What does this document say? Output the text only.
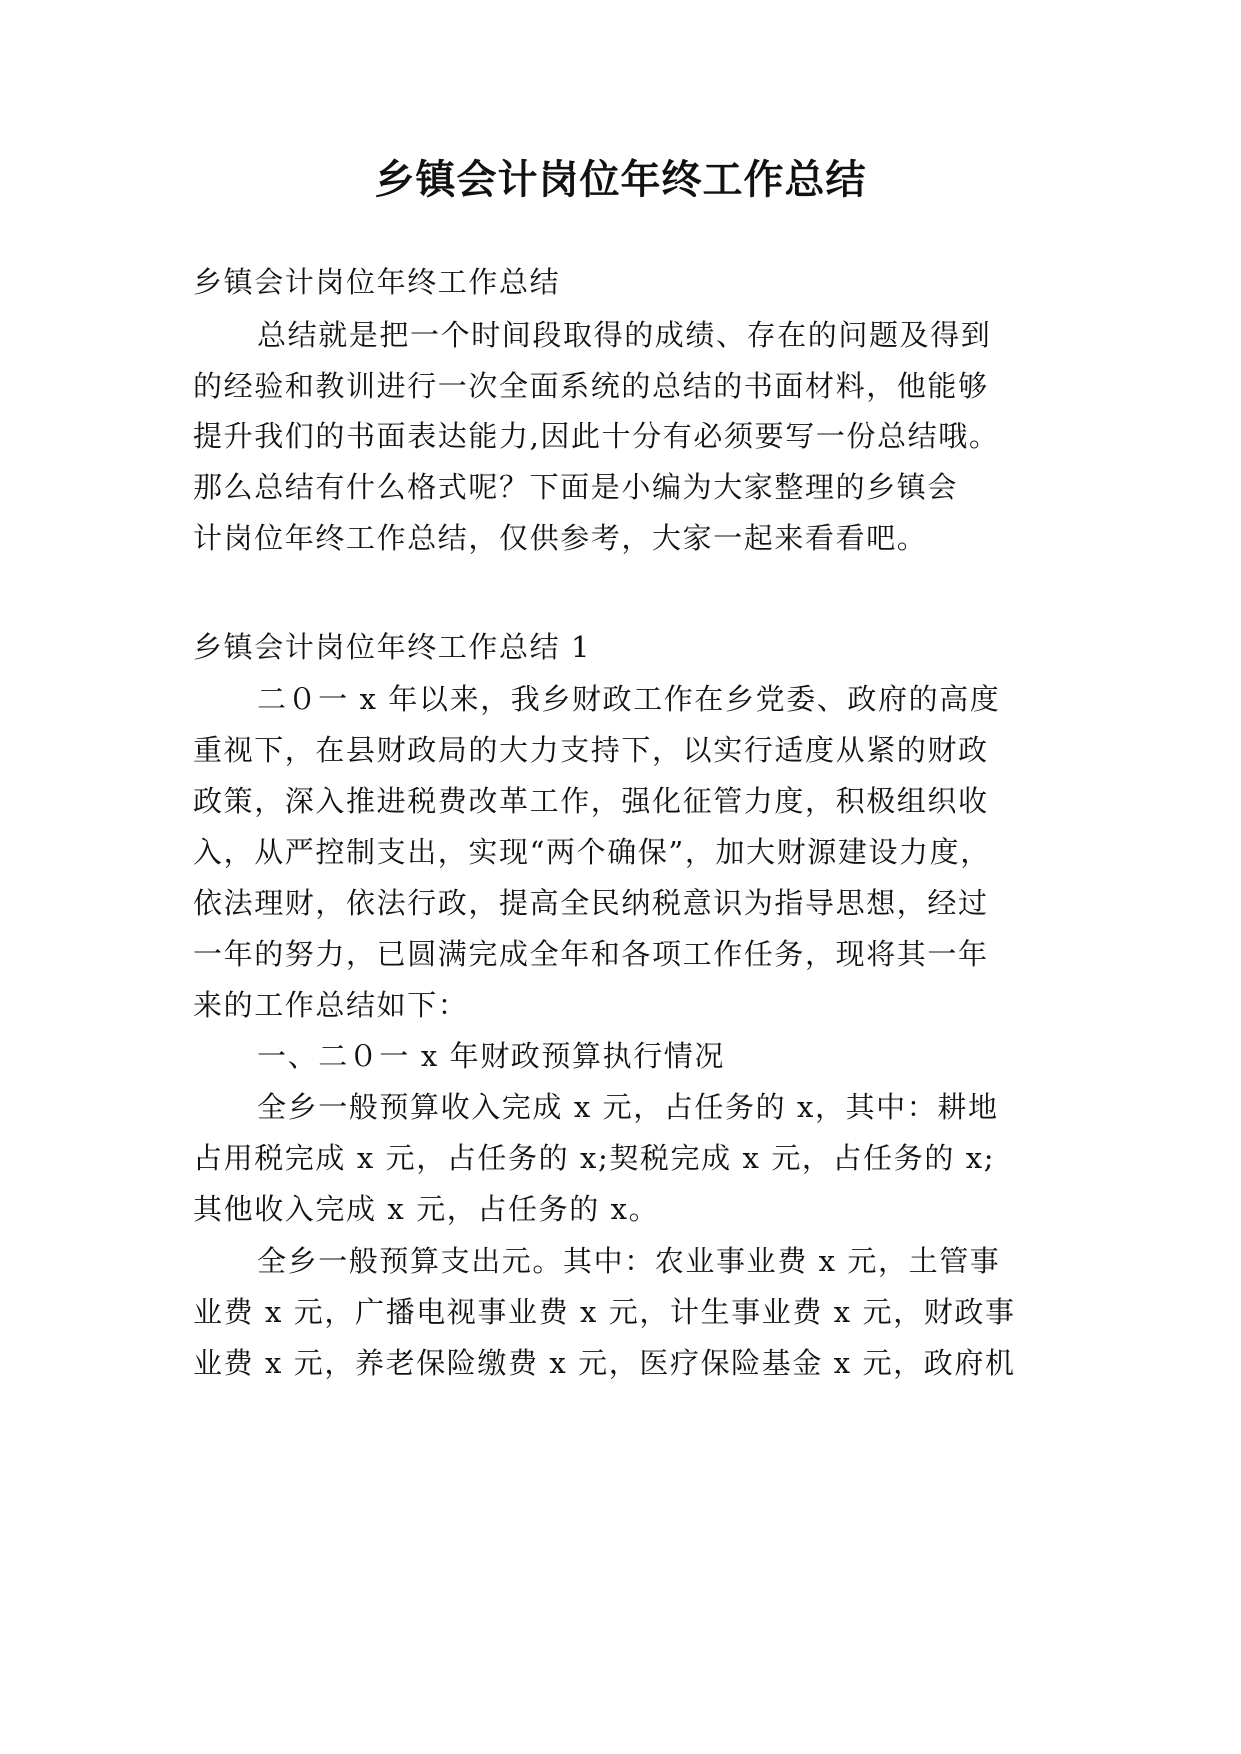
乡镇会计岗位年终工作总结

乡镇会计岗位年终工作总结

总结就是把一个时间段取得的成绩、存在的问题及得到

的经验和教训进行一次全面系统的总结的书面材料，他能够

提升我们的书面表达能力,因此十分有必须要写一份总结哦。

那么总结有什么格式呢？下面是小编为大家整理的乡镇会

计岗位年终工作总结，仅供参考，大家一起来看看吧。

乡镇会计岗位年终工作总结 1

二０一 x 年以来，我乡财政工作在乡党委、政府的高度

重视下，在县财政局的大力支持下，以实行适度从紧的财政

政策，深入推进税费改革工作，强化征管力度，积极组织收

入，从严控制支出，实现“两个确保”，加大财源建设力度，

依法理财，依法行政，提高全民纳税意识为指导思想，经过

一年的努力，已圆满完成全年和各项工作任务，现将其一年

来的工作总结如下：

一、二０一 x 年财政预算执行情况

全乡一般预算收入完成 x 元，占任务的 x，其中：耕地

占用税完成 x 元，占任务的 x;契税完成 x 元，占任务的 x;

其他收入完成 x 元，占任务的 x。

全乡一般预算支出元。其中：农业事业费 x 元，土管事

业费 x 元，广播电视事业费 x 元，计生事业费 x 元，财政事

业费 x 元，养老保险缴费 x 元，医疗保险基金 x 元，政府机
